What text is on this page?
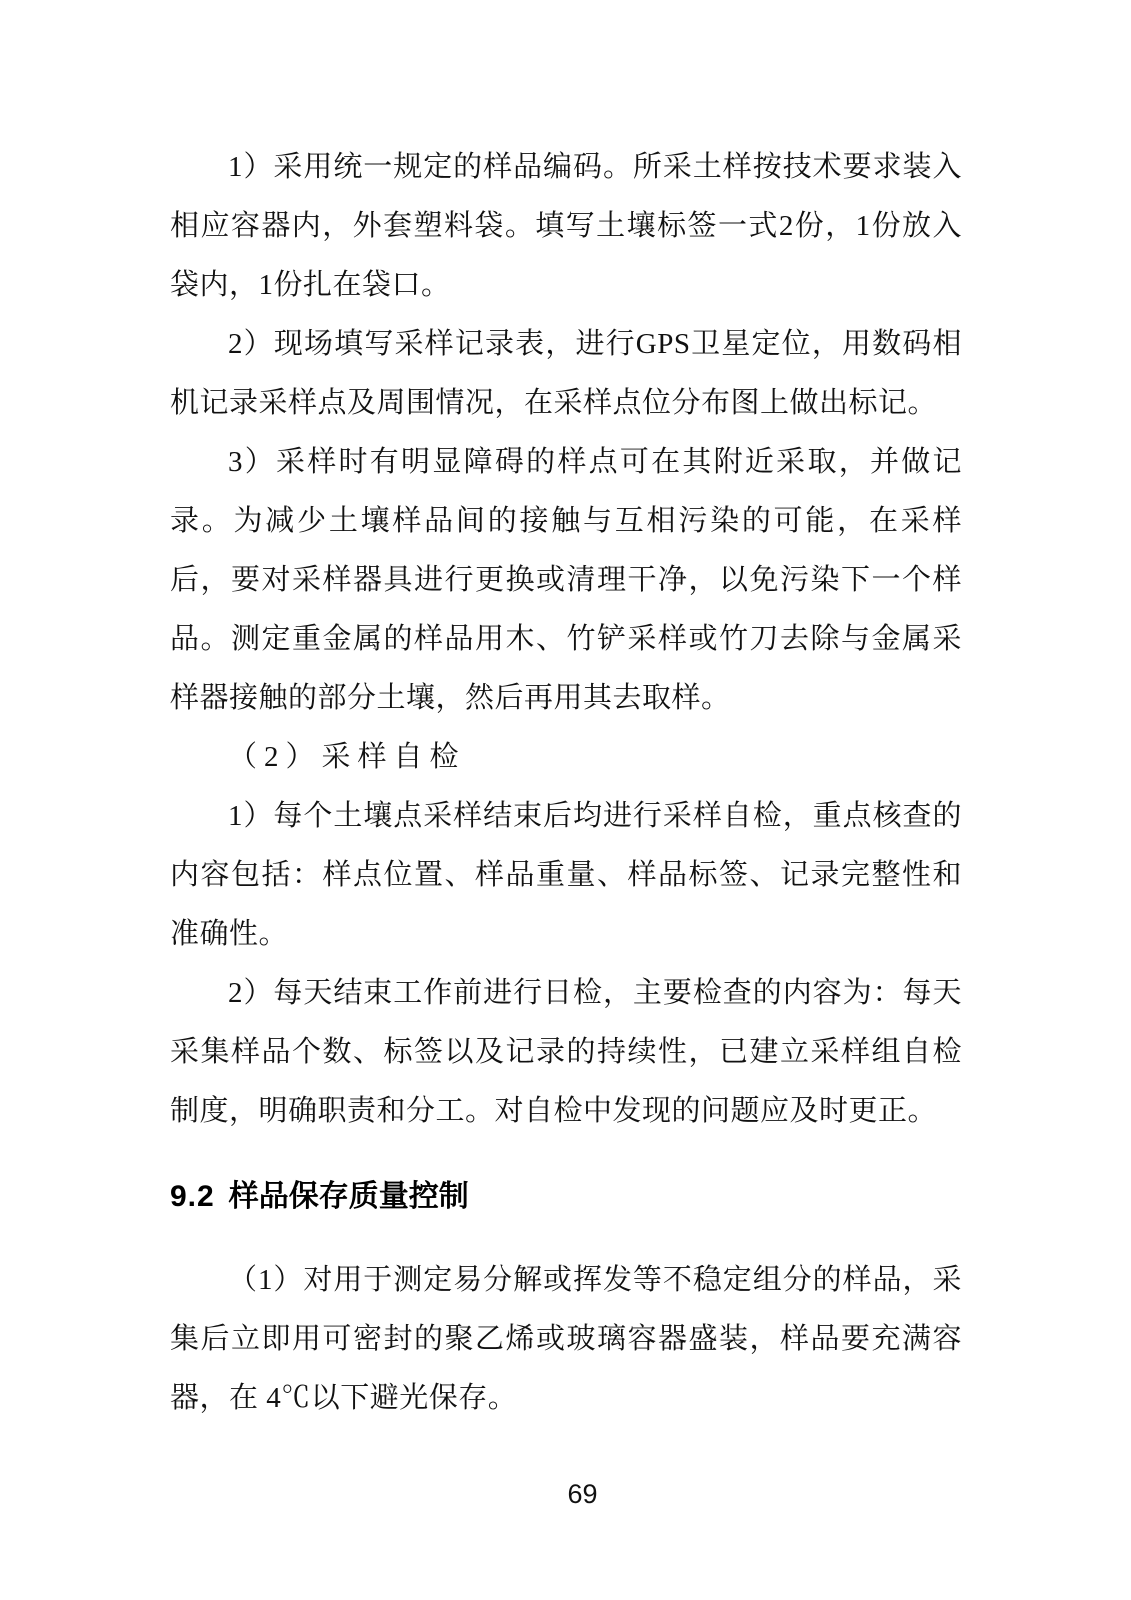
1）采用统一规定的样品编码。所采土样按技术要求装入相应容器内，外套塑料袋。填写土壤标签一式2份，1份放入袋内，1份扎在袋口。

2）现场填写采样记录表，进行GPS卫星定位，用数码相机记录采样点及周围情况，在采样点位分布图上做出标记。

3）采样时有明显障碍的样点可在其附近采取，并做记录。为减少土壤样品间的接触与互相污染的可能，在采样后，要对采样器具进行更换或清理干净，以免污染下一个样品。测定重金属的样品用木、竹铲采样或竹刀去除与金属采样器接触的部分土壤，然后再用其去取样。

（2）采样自检

1）每个土壤点采样结束后均进行采样自检，重点核查的内容包括：样点位置、样品重量、样品标签、记录完整性和准确性。

2）每天结束工作前进行日检，主要检查的内容为：每天采集样品个数、标签以及记录的持续性，已建立采样组自检制度，明确职责和分工。对自检中发现的问题应及时更正。

9.2 样品保存质量控制

（1）对用于测定易分解或挥发等不稳定组分的样品，采集后立即用可密封的聚乙烯或玻璃容器盛装，样品要充满容器，在 4℃以下避光保存。

69
